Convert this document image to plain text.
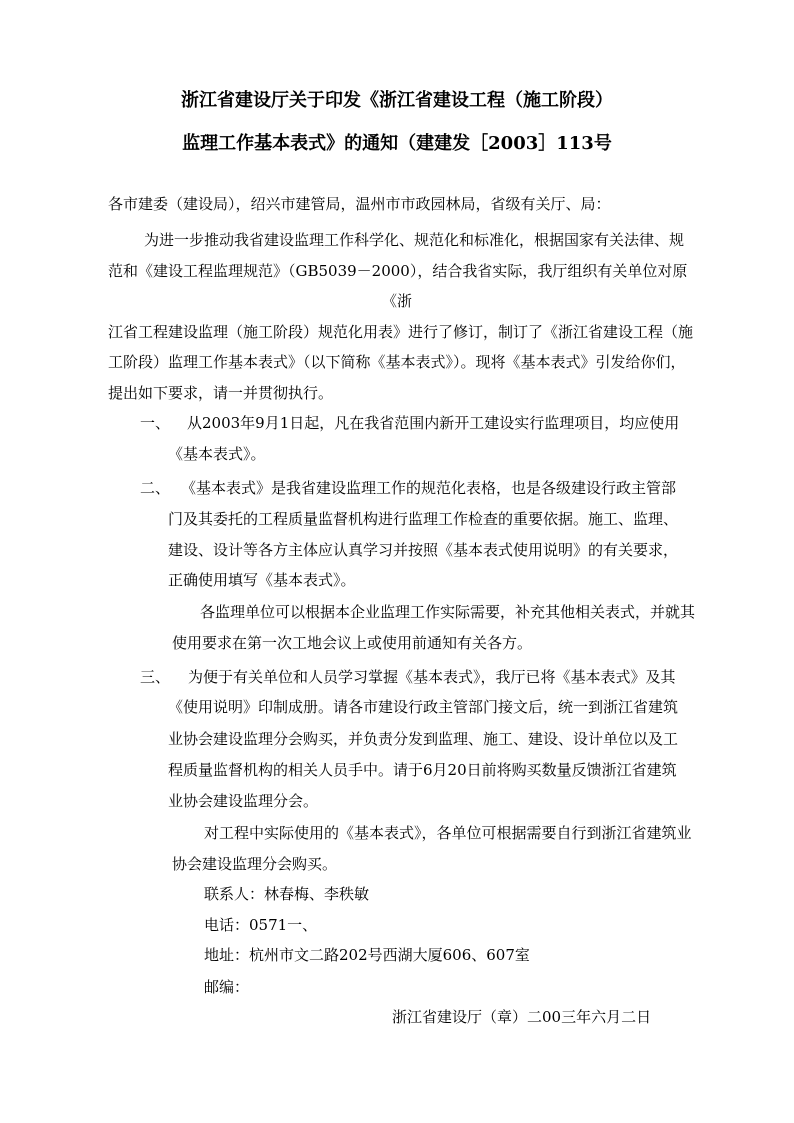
浙江省建设厅关于印发《浙江省建设工程（施工阶段）
监理工作基本表式》的通知（建建发［2003］113号
各市建委（建设局），绍兴市建管局，温州市市政园林局，省级有关厅、局：
为进一步推动我省建设监理工作科学化、规范化和标准化，根据国家有关法律、规
范和《建设工程监理规范》（GB5039－2000），结合我省实际，我厅组织有关单位对原
《浙
江省工程建设监理（施工阶段）规范化用表》进行了修订，制订了《浙江省建设工程（施
工阶段）监理工作基本表式》（以下简称《基本表式》）。现将《基本表式》引发给你们，
提出如下要求，请一并贯彻执行。
一、 从2003年9月1日起，凡在我省范围内新开工建设实行监理项目，均应使用
《基本表式》。
二、 《基本表式》是我省建设监理工作的规范化表格，也是各级建设行政主管部
门及其委托的工程质量监督机构进行监理工作检查的重要依据。施工、监理、
建设、设计等各方主体应认真学习并按照《基本表式使用说明》的有关要求，
正确使用填写《基本表式》。
各监理单位可以根据本企业监理工作实际需要，补充其他相关表式，并就其
使用要求在第一次工地会议上或使用前通知有关各方。
三、 为便于有关单位和人员学习掌握《基本表式》，我厅已将《基本表式》及其
《使用说明》印制成册。请各市建设行政主管部门接文后，统一到浙江省建筑
业协会建设监理分会购买，并负责分发到监理、施工、建设、设计单位以及工
程质量监督机构的相关人员手中。请于6月20日前将购买数量反馈浙江省建筑
业协会建设监理分会。
对工程中实际使用的《基本表式》，各单位可根据需要自行到浙江省建筑业
协会建设监理分会购买。
联系人：林春梅、李秩敏
电话：0571一、
地址：杭州市文二路202号西湖大厦606、607室
邮编：
浙江省建设厅（章）二00三年六月二日
